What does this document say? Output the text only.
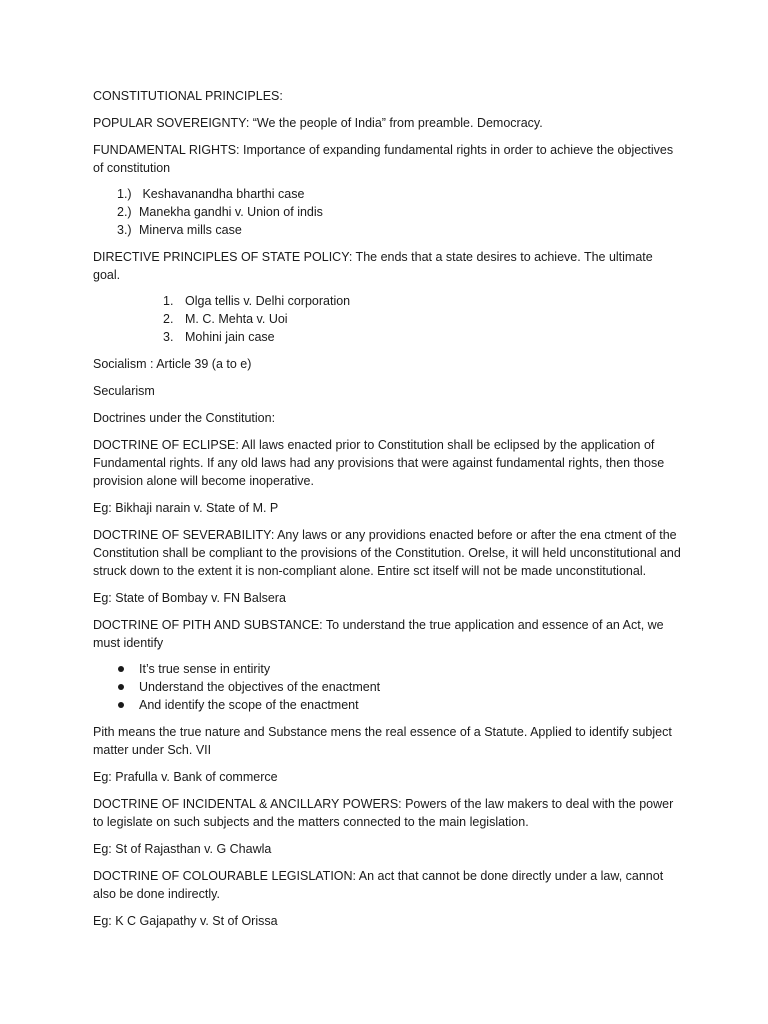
CONSTITUTIONAL PRINCIPLES:

POPULAR SOVEREIGNTY: “We the people of India” from preamble. Democracy.

FUNDAMENTAL RIGHTS: Importance of expanding fundamental rights in order to achieve the objectives of constitution

1.) Keshavanandha bharthi case
2.) Manekha gandhi v. Union of indis
3.) Minerva mills case

DIRECTIVE PRINCIPLES OF STATE POLICY: The ends that a state desires to achieve. The ultimate goal.

1. Olga tellis v. Delhi corporation
2. M. C. Mehta v. Uoi
3. Mohini jain case

Socialism : Article 39 (a to e)

Secularism

Doctrines under the Constitution:

DOCTRINE OF ECLIPSE: All laws enacted prior to Constitution shall be eclipsed by the application of Fundamental rights. If any old laws had any provisions that were against fundamental rights, then those provision alone will become inoperative.

Eg: Bikhaji narain v. State of M. P

DOCTRINE OF SEVERABILITY: Any laws or any providions enacted before or after the ena ctment of the Constitution shall be compliant to the provisions of the Constitution. Orelse, it will held unconstitutional and struck down to the extent it is non-compliant alone. Entire sct itself will not be made unconstitutional.

Eg: State of Bombay v. FN Balsera

DOCTRINE OF PITH AND SUBSTANCE: To understand the true application and essence of an Act, we must identify

It’s true sense in entirity
Understand the objectives of the enactment
And identify the scope of the enactment

Pith means the true nature and Substance mens the real essence of a Statute. Applied to identify subject matter under Sch. VII

Eg: Prafulla v. Bank of commerce

DOCTRINE OF INCIDENTAL & ANCILLARY POWERS: Powers of the law makers to deal with the power to legislate on such subjects and the matters connected to the main legislation.

Eg: St of Rajasthan v. G Chawla

DOCTRINE OF COLOURABLE LEGISLATION: An act that cannot be done directly under a law, cannot also be done indirectly.

Eg: K C Gajapathy v. St of Orissa
